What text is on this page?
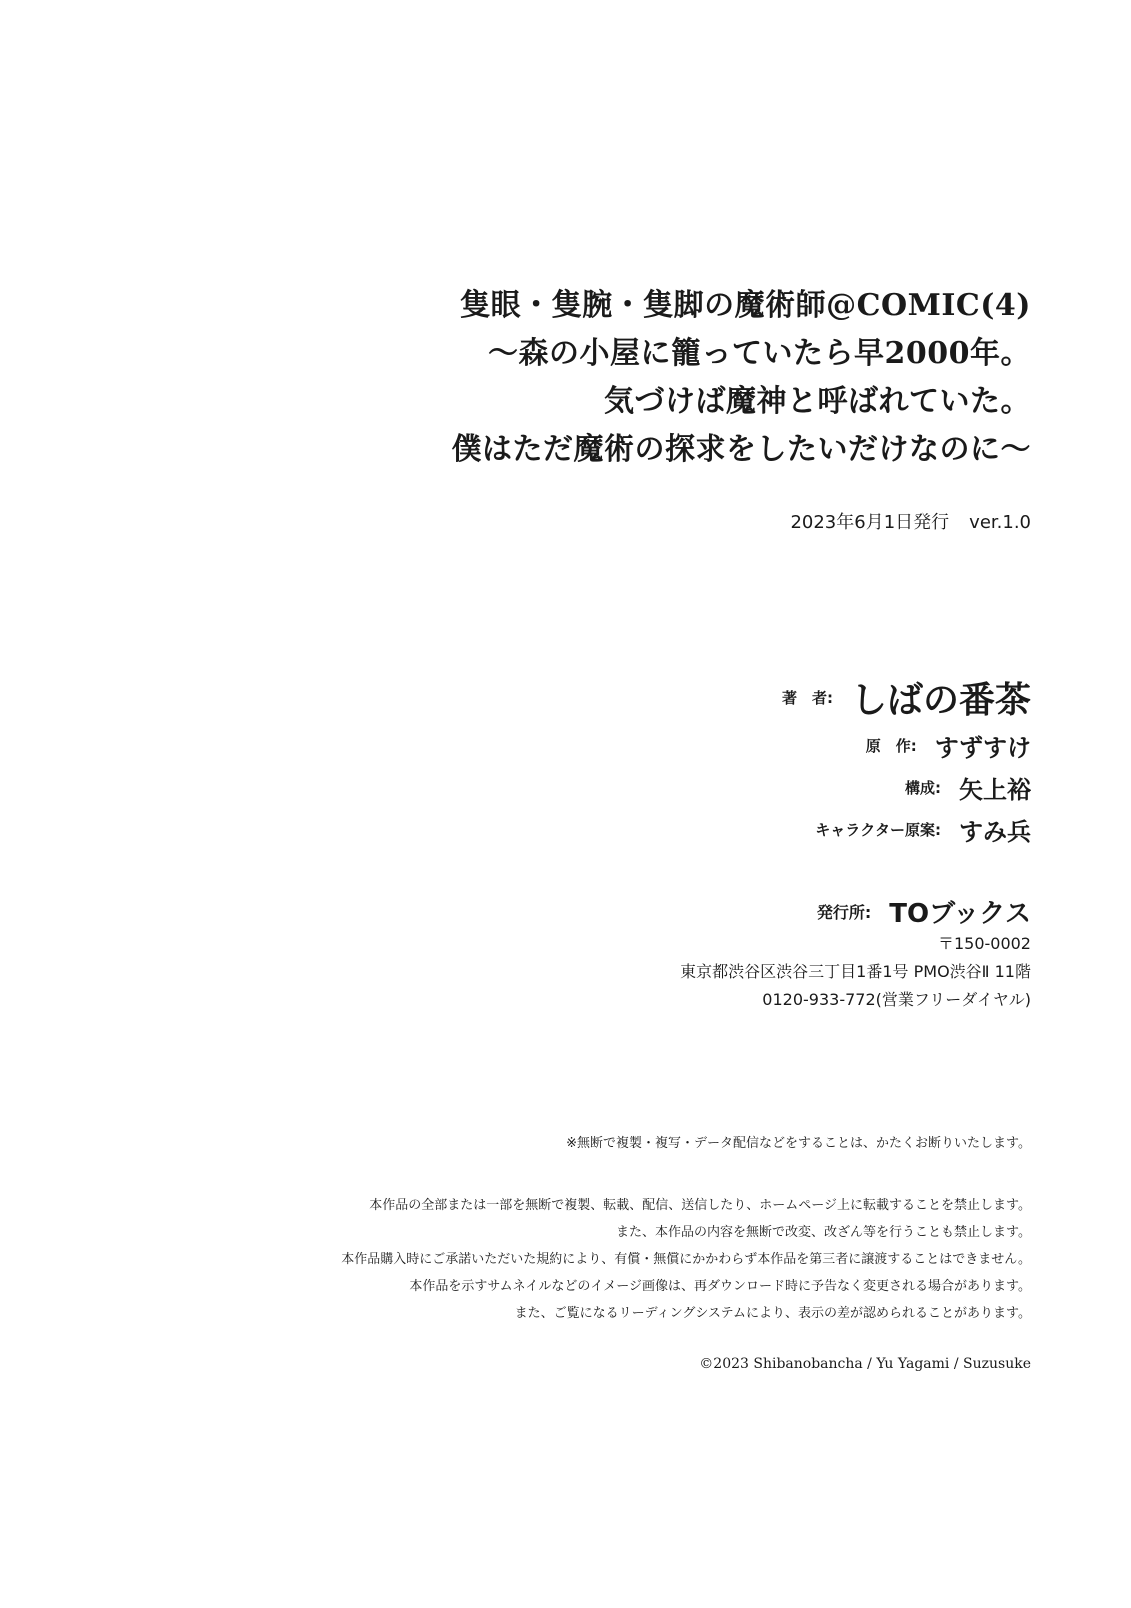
隻眼・隻腕・隻脚の魔術師@COMIC(4)
〜森の小屋に籠っていたら早2000年。
気づけば魔神と呼ばれていた。
僕はただ魔術の探求をしたいだけなのに〜
2023年6月1日発行 ver.1.0
著　者: しばの番茶
原　作: すずすけ
構成: 矢上裕
キャラクター原案: すみ兵
発行所: TOブックス
〒150-0002
東京都渋谷区渋谷三丁目1番1号 PMO渋谷Ⅱ 11階
0120-933-772(営業フリーダイヤル)
※無断で複製・複写・データ配信などをすることは、かたくお断りいたします。
本作品の全部または一部を無断で複製、転載、配信、送信したり、ホームページ上に転載することを禁止します。
また、本作品の内容を無断で改変、改ざん等を行うことも禁止します。
本作品購入時にご承諾いただいた規約により、有償・無償にかかわらず本作品を第三者に譲渡することはできません。
本作品を示すサムネイルなどのイメージ画像は、再ダウンロード時に予告なく変更される場合があります。
また、ご覧になるリーディングシステムにより、表示の差が認められることがあります。
©2023 Shibanobancha / Yu Yagami / Suzusuke
